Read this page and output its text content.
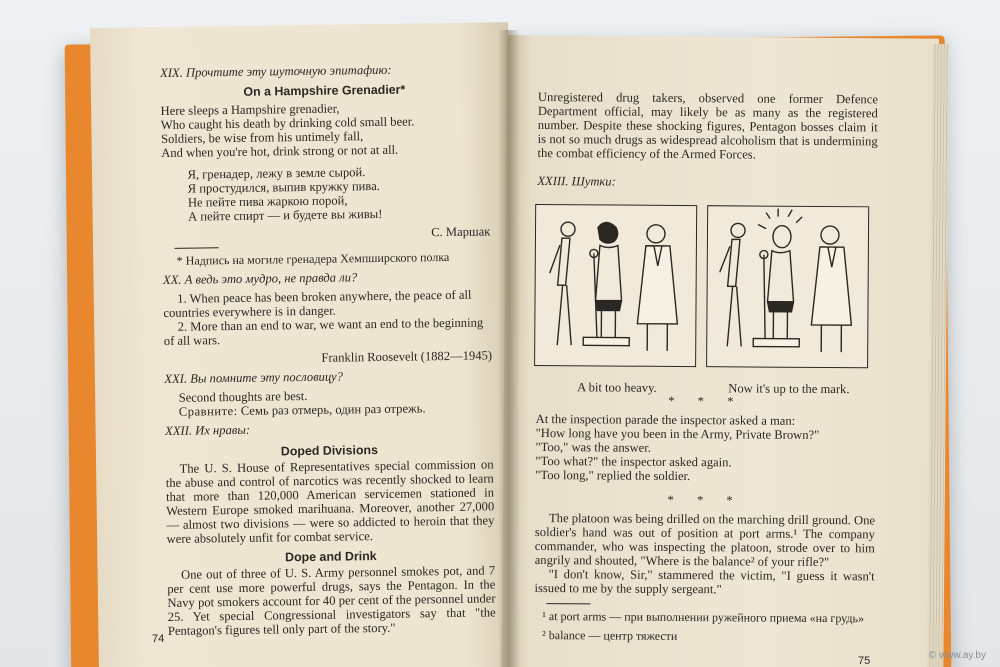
XIX. Прочтите эту шуточную эпитафию:
On a Hampshire Grenadier*

Here sleeps a Hampshire grenadier,

Who caught his death by drinking cold small beer.

Soldiers, be wise from his untimely fall,

And when you're hot, drink strong or not at all.

Я, гренадер, лежу в земле сырой.

Я простудился, выпив кружку пива.

Не пейте пива жаркою порой,

А пейте спирт — и будете вы живы!

С. Маршак
* Надпись на могиле гренадера Хемпширского полка
XX. А ведь это мудро, не правда ли?

1. When peace has been broken anywhere, the peace of all countries everywhere is in danger.

2. More than an end to war, we want an end to the beginning of all wars.

Franklin Roosevelt (1882—1945)
XXI. Вы помните эту пословицу?
Second thoughts are best.
Сравните: Семь раз отмерь, один раз отрежь.
XXII. Их нравы:
Doped Divisions

The U. S. House of Representatives special commission on the abuse and control of narcotics was recently shocked to learn that more than 120,000 American servicemen stationed in Western Europe smoked marihuana. Moreover, another 27,000 — almost two divisions — were so addicted to heroin that they were absolutely unfit for combat service.

Dope and Drink

One out of three of U. S. Army personnel smokes pot, and 7 per cent use more powerful drugs, says the Pentagon. In the Navy pot smokers account for 40 per cent of the personnel under 25. Yet special Congressional investigators say that "the Pentagon's figures tell only part of the story."

74

Unregistered drug takers, observed one former Defence Department official, may likely be as many as the registered number. Despite these shocking figures, Pentagon bosses claim it is not so much drugs as widespread alcoholism that is undermining the combat efficiency of the Armed Forces.

XXIII. Шутки:
A bit too heavy.	Now it's up to the mark.
* * *

At the inspection parade the inspector asked a man:

"How long have you been in the Army, Private Brown?"

"Too," was the answer.

"Too what?" the inspector asked again.

"Too long," replied the soldier.

* * *

The platoon was being drilled on the marching drill ground. One soldier's hand was out of position at port arms.¹ The company commander, who was inspecting the platoon, strode over to him angrily and shouted, "Where is the balance² of your rifle?"

"I don't know, Sir," stammered the victim, "I guess it wasn't issued to me by the supply sergeant."

¹ at port arms — при выполнении ружейного приема «на грудь»
² balance — центр тяжести
75	© www.ay.by
